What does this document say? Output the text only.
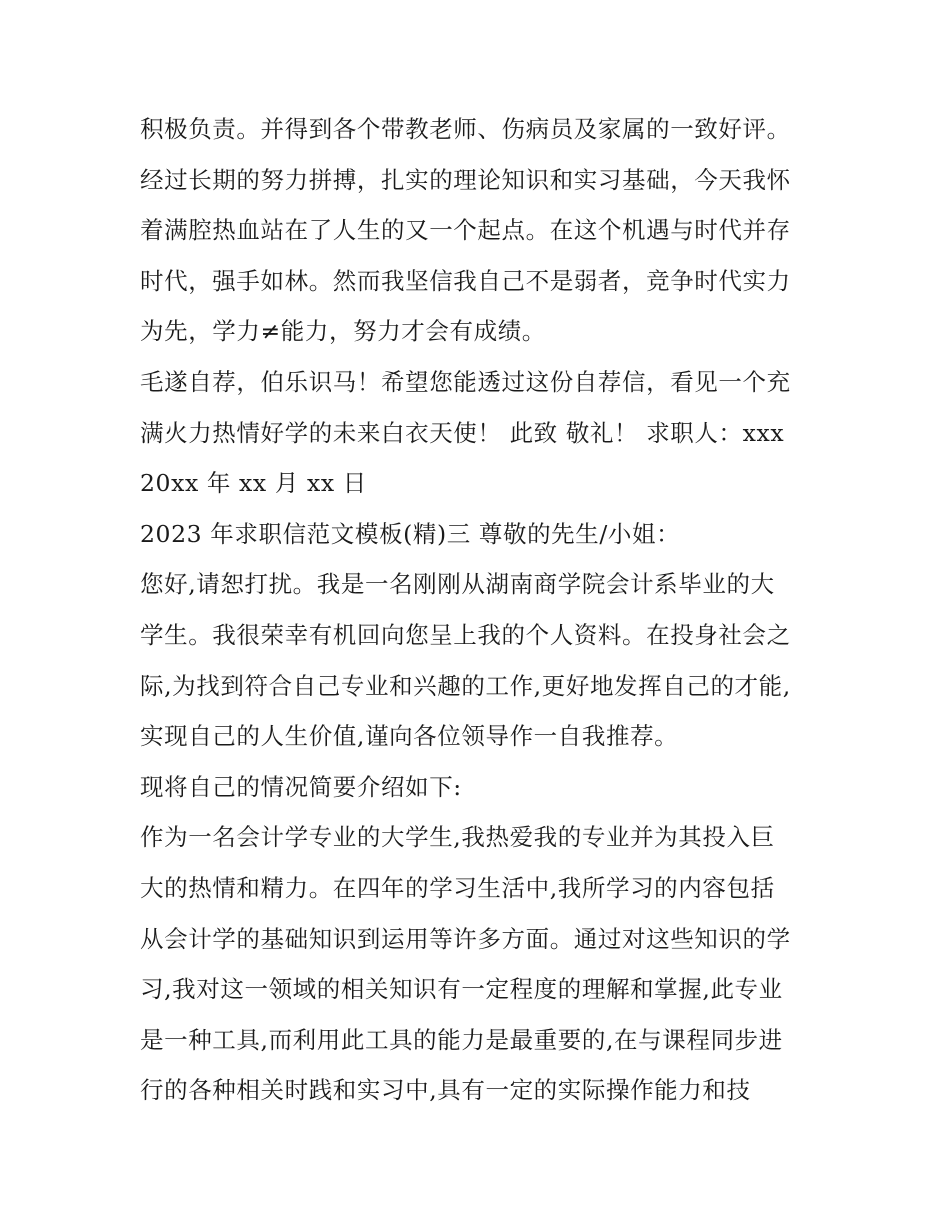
积极负责。并得到各个带教老师、伤病员及家属的一致好评。
经过长期的努力拼搏，扎实的理论知识和实习基础，今天我怀
着满腔热血站在了人生的又一个起点。在这个机遇与时代并存
时代，强手如林。然而我坚信我自己不是弱者，竞争时代实力
为先，学力≠能力，努力才会有成绩。
毛遂自荐，伯乐识马！希望您能透过这份自荐信，看见一个充
满火力热情好学的未来白衣天使！ 此致 敬礼！ 求职人：xxx
20xx 年 xx 月 xx 日
2023 年求职信范文模板(精)三 尊敬的先生/小姐：
您好,请恕打扰。我是一名刚刚从湖南商学院会计系毕业的大
学生。我很荣幸有机回向您呈上我的个人资料。在投身社会之
际,为找到符合自己专业和兴趣的工作,更好地发挥自己的才能,
实现自己的人生价值,谨向各位领导作一自我推荐。
现将自己的情况简要介绍如下:
作为一名会计学专业的大学生,我热爱我的专业并为其投入巨
大的热情和精力。在四年的学习生活中,我所学习的内容包括
从会计学的基础知识到运用等许多方面。通过对这些知识的学
习,我对这一领域的相关知识有一定程度的理解和掌握,此专业
是一种工具,而利用此工具的能力是最重要的,在与课程同步进
行的各种相关时践和实习中,具有一定的实际操作能力和技
